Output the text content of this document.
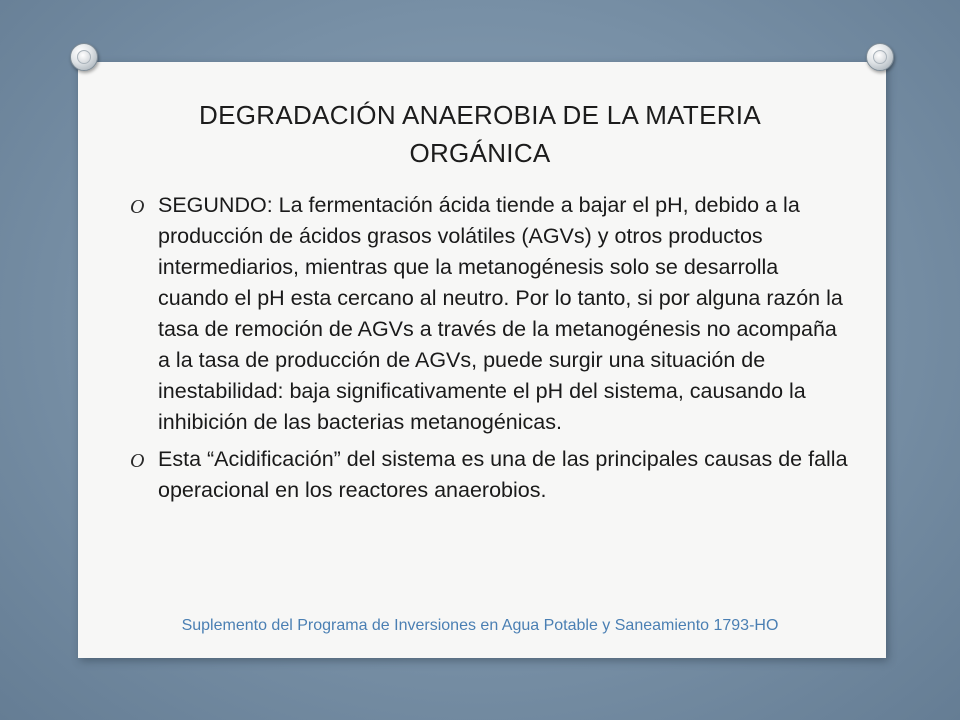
DEGRADACIÓN ANAEROBIA DE LA MATERIA
ORGÁNICA
O SEGUNDO: La fermentación ácida tiende a bajar el pH, debido a la producción de ácidos grasos volátiles (AGVs) y otros productos intermediarios, mientras que la metanogénesis solo se desarrolla cuando el pH esta cercano al neutro. Por lo tanto, si por alguna razón la tasa de remoción de AGVs a través de la metanogénesis no acompaña a la tasa de producción de AGVs, puede surgir una situación de inestabilidad: baja significativamente el pH del sistema, causando la inhibición de las bacterias metanogénicas.
O Esta “Acidificación” del sistema es una de las principales causas de falla operacional en los reactores anaerobios.
Suplemento del Programa de Inversiones en Agua Potable y Saneamiento 1793-HO
